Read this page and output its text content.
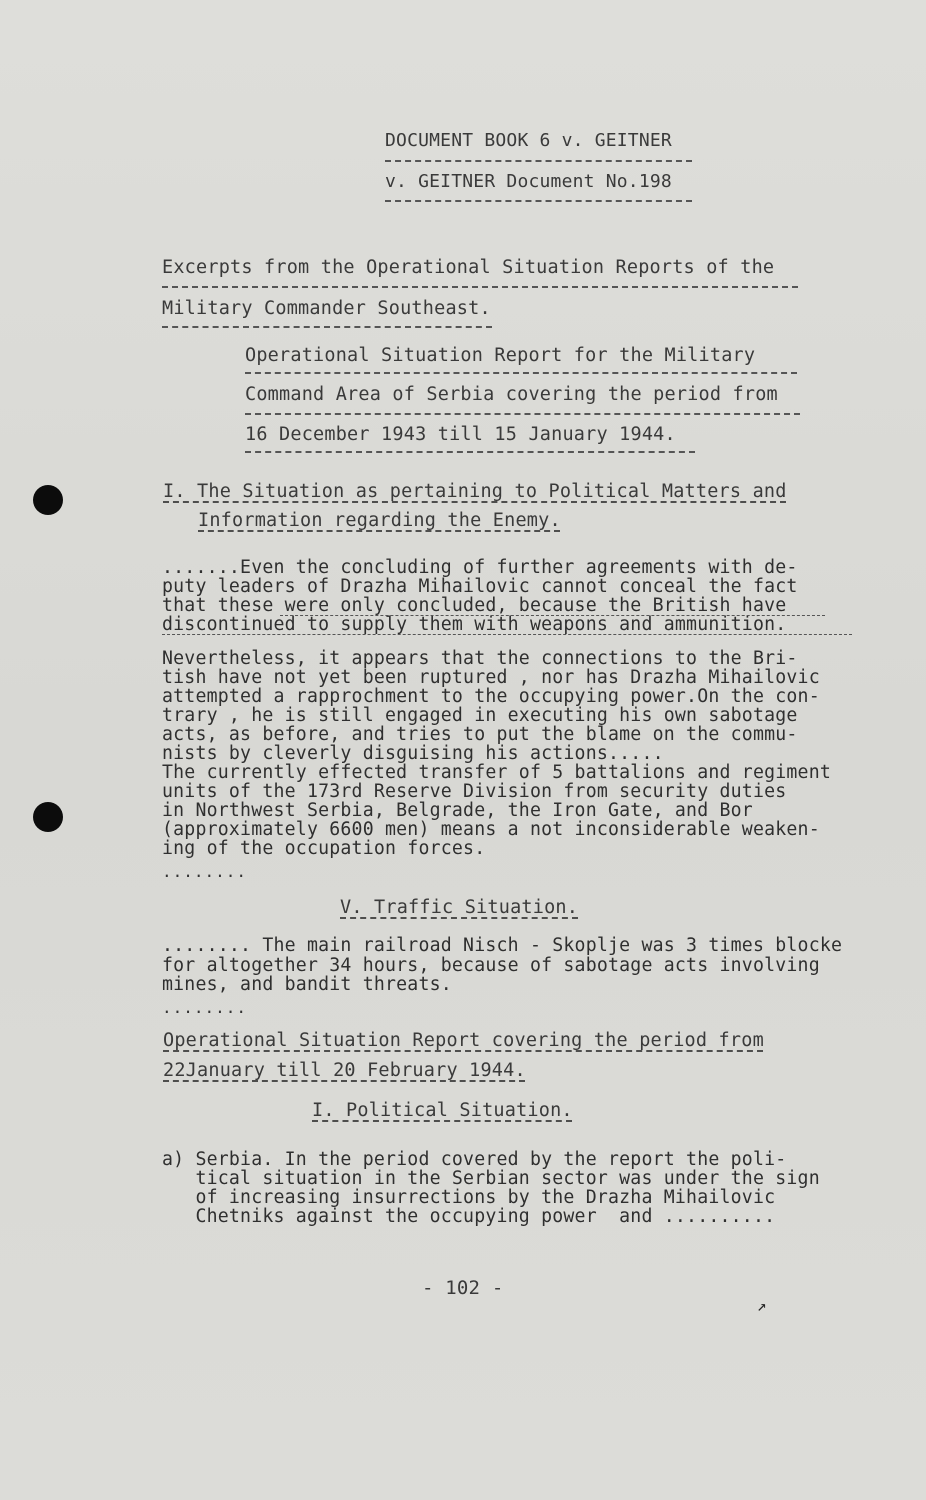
DOCUMENT BOOK 6 v. GEITNER
v. GEITNER Document No.198
Excerpts from the Operational Situation Reports of the
Military Commander Southeast.
Operational Situation Report for the Military
Command Area of Serbia covering the period from
16 December 1943 till 15 January 1944.
I. The Situation as pertaining to Political Matters and
Information regarding the Enemy.
.......Even the concluding of further agreements with de-
puty leaders of Drazha Mihailovic cannot conceal the fact
that these were only concluded, because the British have
discontinued to supply them with weapons and ammunition.
Nevertheless, it appears that the connections to the Bri-
tish have not yet been ruptured , nor has Drazha Mihailovic
attempted a rapprochment to the occupying power.On the con-
trary , he is still engaged in executing his own sabotage
acts, as before, and tries to put the blame on the commu-
nists by cleverly disguising his actions.....
The currently effected transfer of 5 battalions and regiment
units of the 173rd Reserve Division from security duties
in Northwest Serbia, Belgrade, the Iron Gate, and Bor
(approximately 6600 men) means a not inconsiderable weaken-
ing of the occupation forces.
........
V. Traffic Situation.
........ The main railroad Nisch - Skoplje was 3 times blocke
for altogether 34 hours, because of sabotage acts involving
mines, and bandit threats.
........
Operational Situation Report covering the period from
22January till 20 February 1944.
I. Political Situation.
a) Serbia. In the period covered by the report the poli-
tical situation in the Serbian sector was under the sign
of increasing insurrections by the Drazha Mihailovic
Chetniks against the occupying power  and ..........
- 102 -
↗
